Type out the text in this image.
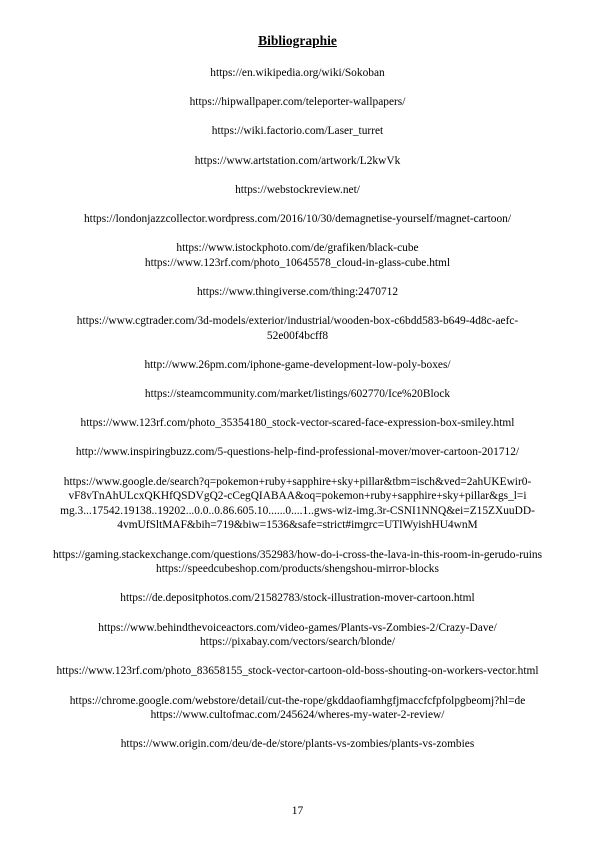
Bibliographie
https://en.wikipedia.org/wiki/Sokoban
https://hipwallpaper.com/teleporter-wallpapers/
https://wiki.factorio.com/Laser_turret
https://www.artstation.com/artwork/L2kwVk
https://webstockreview.net/
https://londonjazzcollector.wordpress.com/2016/10/30/demagnetise-yourself/magnet-cartoon/
https://www.istockphoto.com/de/grafiken/black-cube
https://www.123rf.com/photo_10645578_cloud-in-glass-cube.html
https://www.thingiverse.com/thing:2470712
https://www.cgtrader.com/3d-models/exterior/industrial/wooden-box-c6bdd583-b649-4d8c-aefc-
52e00f4bcff8
http://www.26pm.com/iphone-game-development-low-poly-boxes/
https://steamcommunity.com/market/listings/602770/Ice%20Block
https://www.123rf.com/photo_35354180_stock-vector-scared-face-expression-box-smiley.html
http://www.inspiringbuzz.com/5-questions-help-find-professional-mover/mover-cartoon-201712/
https://www.google.de/search?q=pokemon+ruby+sapphire+sky+pillar&tbm=isch&ved=2ahUKEwir0-
vF8vTnAhULcxQKHfQSDVgQ2-cCegQIABAA&oq=pokemon+ruby+sapphire+sky+pillar&gs_l=i
mg.3...17542.19138..19202...0.0..0.86.605.10......0....1..gws-wiz-img.3r-CSNI1NNQ&ei=Z15ZXuuDD-
4vmUfSltMAF&bih=719&biw=1536&safe=strict#imgrc=UTlWyishHU4wnM
https://gaming.stackexchange.com/questions/352983/how-do-i-cross-the-lava-in-this-room-in-gerudo-ruins
https://speedcubeshop.com/products/shengshou-mirror-blocks
https://de.depositphotos.com/21582783/stock-illustration-mover-cartoon.html
https://www.behindthevoiceactors.com/video-games/Plants-vs-Zombies-2/Crazy-Dave/
https://pixabay.com/vectors/search/blonde/
https://www.123rf.com/photo_83658155_stock-vector-cartoon-old-boss-shouting-on-workers-vector.html
https://chrome.google.com/webstore/detail/cut-the-rope/gkddaofiamhgfjmaccfcfpfolpgbeomj?hl=de
https://www.cultofmac.com/245624/wheres-my-water-2-review/
https://www.origin.com/deu/de-de/store/plants-vs-zombies/plants-vs-zombies
17
